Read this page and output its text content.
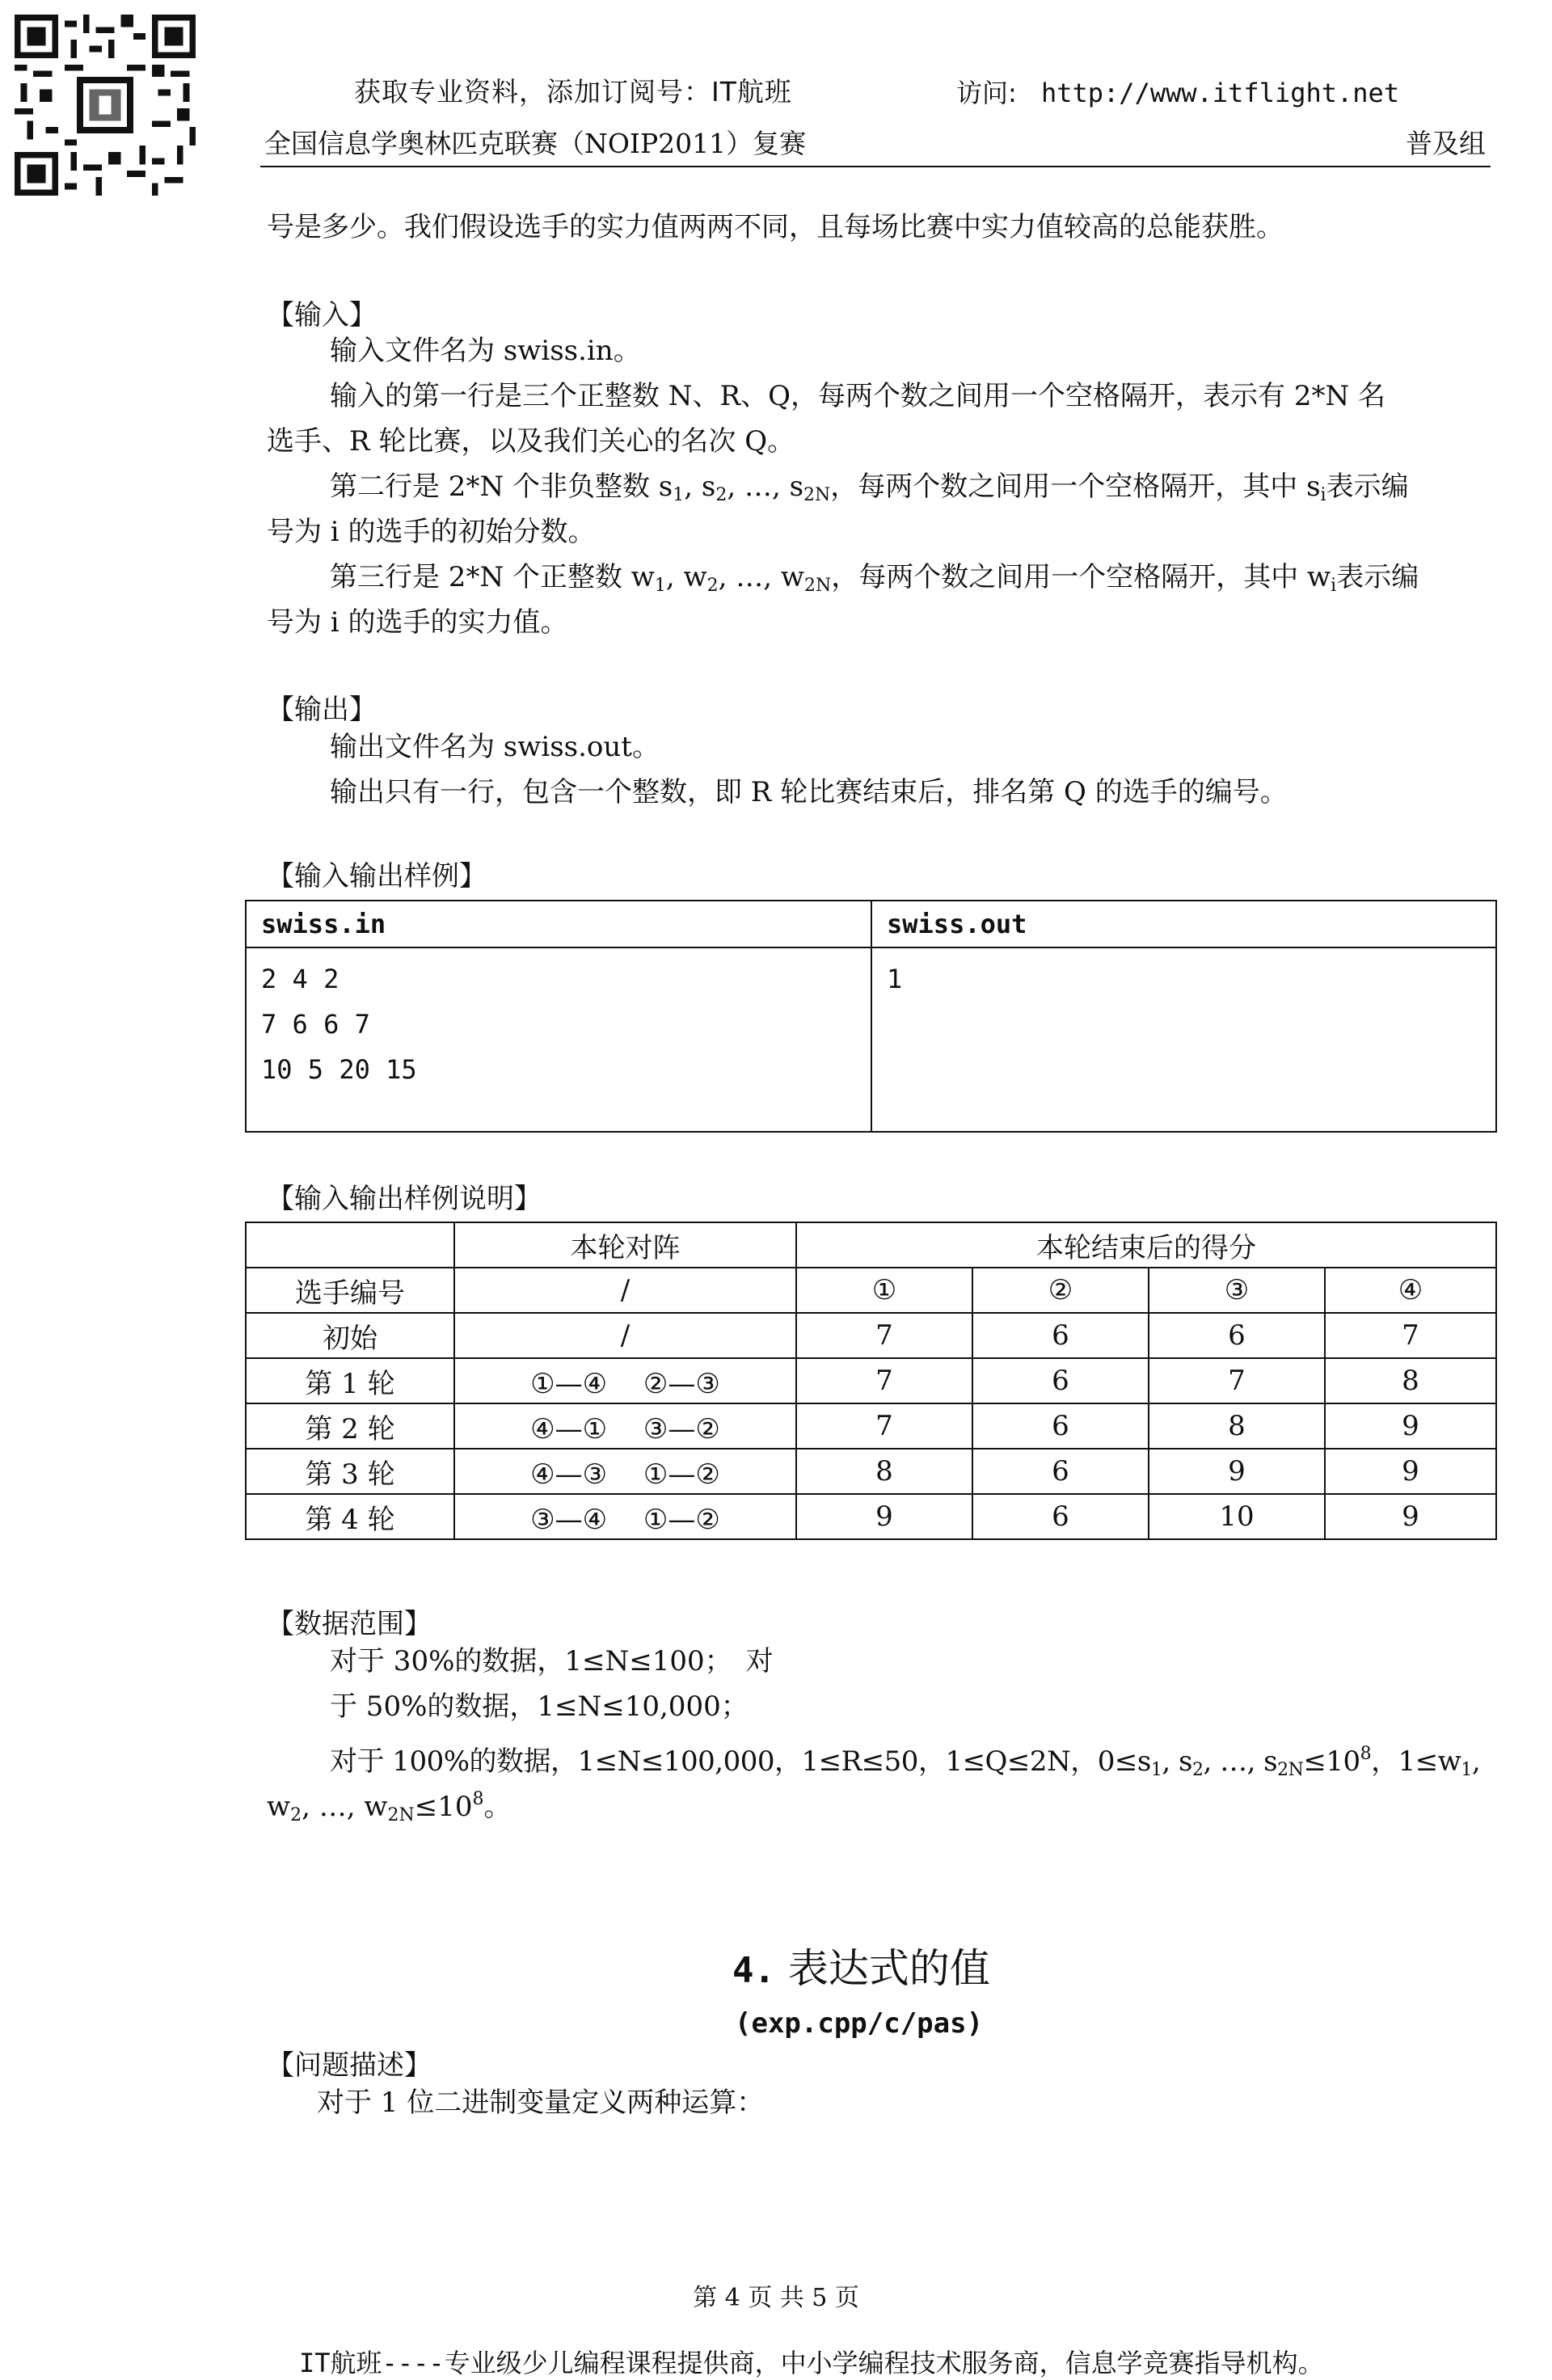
获取专业资料，添加订阅号：IT航班	访问: http://www.itflight.net
全国信息学奥林匹克联赛（NOIP2011）复赛	普及组
号是多少。我们假设选手的实力值两两不同，且每场比赛中实力值较高的总能获胜。
【输入】
输入文件名为 swiss.in。
输入的第一行是三个正整数 N、R、Q，每两个数之间用一个空格隔开，表示有 2*N 名
选手、R 轮比赛，以及我们关心的名次 Q。
第二行是 2*N 个非负整数 $s_1$, $s_2$, …, $s_{2N}$，每两个数之间用一个空格隔开，其中 $s_i$表示编
号为 i 的选手的初始分数。
第三行是 2*N 个正整数 $w_1$, $w_2$, …, $w_{2N}$，每两个数之间用一个空格隔开，其中 $w_i$表示编
号为 i 的选手的实力值。
【输出】
输出文件名为 swiss.out。
输出只有一行，包含一个整数，即 R 轮比赛结束后，排名第 Q 的选手的编号。
【输入输出样例】
swiss.in	swiss.out

2 4 2
7 6 6 7
10 5 20 15	1
【输入输出样例说明】
	本轮对阵	本轮结束后的得分			
选手编号	/	①	②	③	④
初始	/	7	6	6	7
第 1 轮	①—④　 ②—③	7	6	7	8
第 2 轮	④—①　 ③—②	7	6	8	9
第 3 轮	④—③　 ①—②	8	6	9	9
第 4 轮	③—④　 ①—②	9	6	10	9
【数据范围】
对于 30%的数据，1≤N≤100；　对
于 50%的数据，1≤N≤10,000；
对于 100%的数据，1≤N≤100,000，1≤R≤50，1≤Q≤2N，$0\le s_1$, $s_2$, …, $s_{2N}\le 10^8$，$1\le w_1$,
$w_2$, …, $w_{2N}\le 10^8$。
4. 表达式的值
(exp.cpp/c/pas)
【问题描述】
对于 1 位二进制变量定义两种运算：
第 4 页 共 5 页
IT航班----专业级少儿编程课程提供商，中小学编程技术服务商，信息学竞赛指导机构。
